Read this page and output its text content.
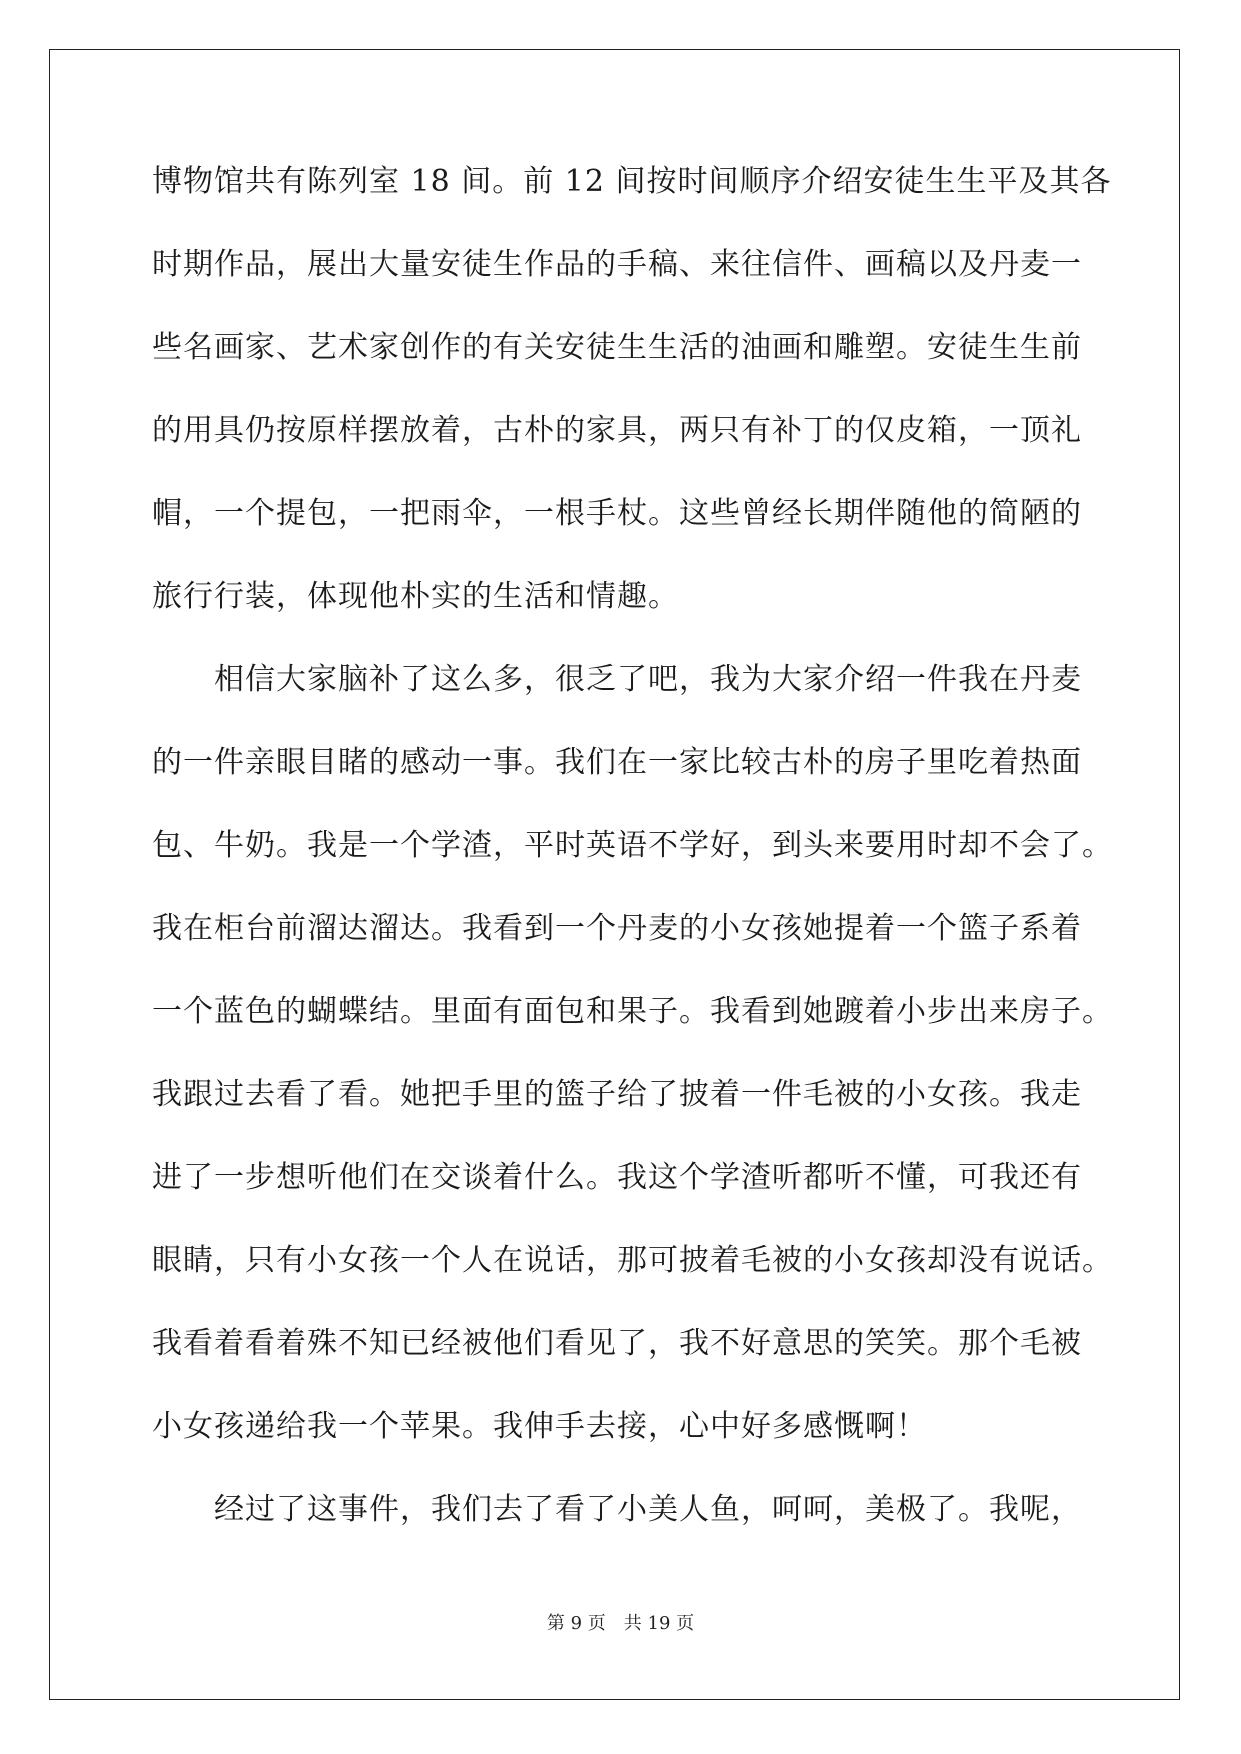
博物馆共有陈列室 18 间。前 12 间按时间顺序介绍安徒生生平及其各
时期作品，展出大量安徒生作品的手稿、来往信件、画稿以及丹麦一
些名画家、艺术家创作的有关安徒生生活的油画和雕塑。安徒生生前
的用具仍按原样摆放着，古朴的家具，两只有补丁的仅皮箱，一顶礼
帽，一个提包，一把雨伞，一根手杖。这些曾经长期伴随他的简陋的
旅行行装，体现他朴实的生活和情趣。
　　相信大家脑补了这么多，很乏了吧，我为大家介绍一件我在丹麦
的一件亲眼目睹的感动一事。我们在一家比较古朴的房子里吃着热面
包、牛奶。我是一个学渣，平时英语不学好，到头来要用时却不会了。
我在柜台前溜达溜达。我看到一个丹麦的小女孩她提着一个篮子系着
一个蓝色的蝴蝶结。里面有面包和果子。我看到她踱着小步出来房子。
我跟过去看了看。她把手里的篮子给了披着一件毛被的小女孩。我走
进了一步想听他们在交谈着什么。我这个学渣听都听不懂，可我还有
眼睛，只有小女孩一个人在说话，那可披着毛被的小女孩却没有说话。
我看着看着殊不知已经被他们看见了，我不好意思的笑笑。那个毛被
小女孩递给我一个苹果。我伸手去接，心中好多感慨啊！
　　经过了这事件，我们去了看了小美人鱼，呵呵，美极了。我呢，
第 9 页　共 19 页
